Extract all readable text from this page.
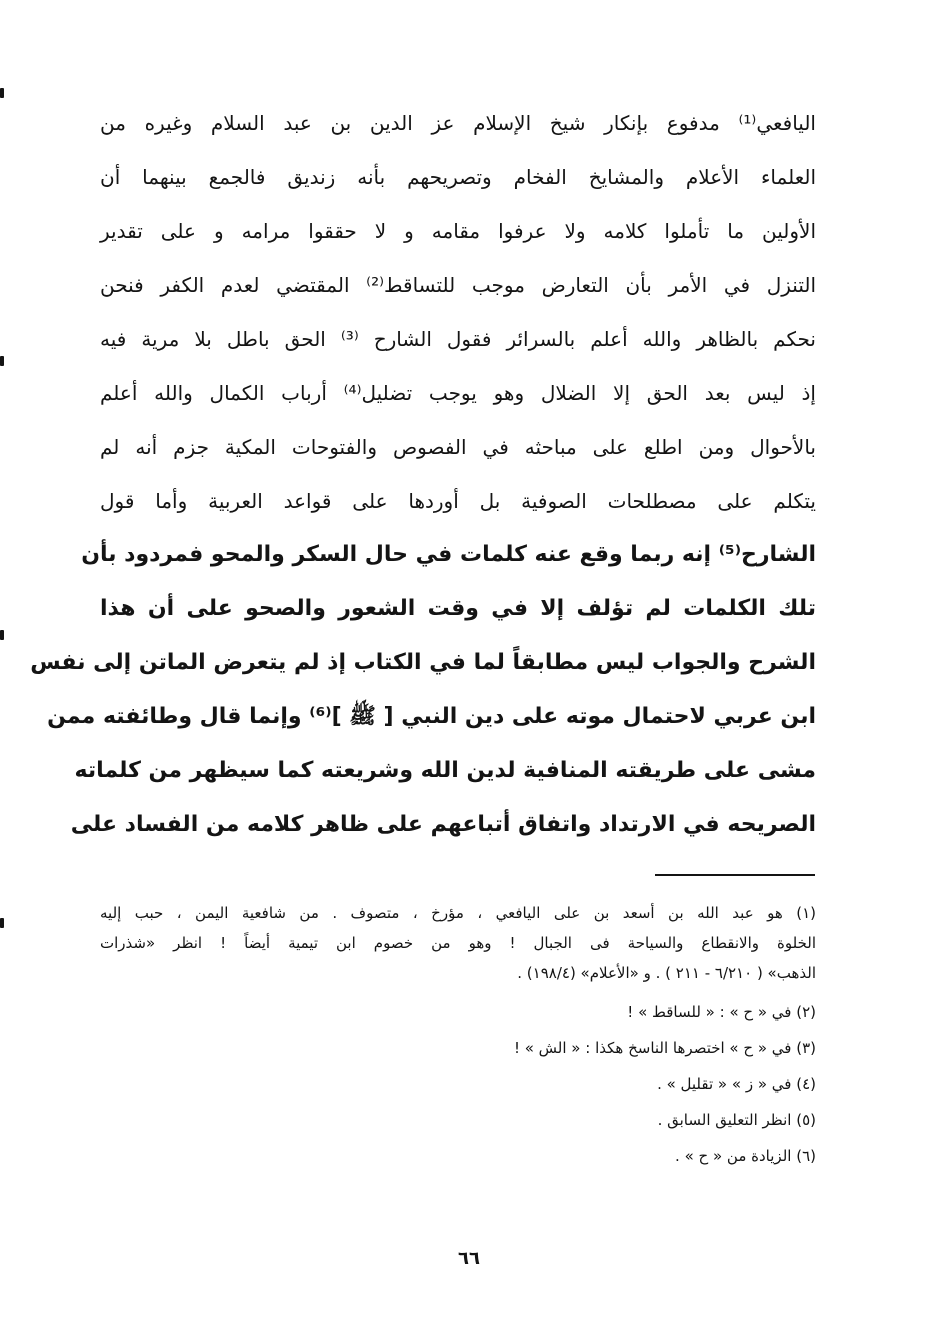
اليافعي⁽¹⁾ مدفوع بإنكار شيخ الإسلام عز الدين بن عبد السلام وغيره من
العلماء الأعلام والمشايخ الفخام وتصريحهم بأنه زنديق فالجمع بينهما أن
الأولين ما تأملوا كلامه ولا عرفوا مقامه و لا حققوا مرامه و على تقدير
التنزل في الأمر بأن التعارض موجب للتساقط⁽²⁾ المقتضي لعدم الكفر فنحن
نحكم بالظاهر والله أعلم بالسرائر فقول الشارح ⁽³⁾ الحق باطل بلا مرية فيه
إذ ليس بعد الحق إلا الضلال وهو يوجب تضليل⁽⁴⁾ أرباب الكمال والله أعلم
بالأحوال ومن اطلع على مباحثه في الفصوص والفتوحات المكية جزم أنه لم
يتكلم على مصطلحات الصوفية بل أوردها على قواعد العربية وأما قول
الشارح⁽⁵⁾ إنه ربما وقع عنه كلمات في حال السكر والمحو فمردود بأن
تلك الكلمات لم تؤلف إلا في وقت الشعور والصحو على أن هذا
الشرح والجواب ليس مطابقاً لما في الكتاب إذ لم يتعرض الماتن إلى نفس
ابن عربي لاحتمال موته على دين النبي [ ﷺ ]⁽⁶⁾ وإنما قال وطائفته ممن
مشى على طريقته المنافية لدين الله وشريعته كما سيظهر من كلماته
الصريحه في الارتداد واتفاق أتباعهم على ظاهر كلامه من الفساد على
(١) هو عبد الله بن أسعد بن على اليافعي ، مؤرخ ، متصوف . من شافعية اليمن ، حبب إليه
الخلوة والانقطاع والسياحة فى الجبال ! وهو من خصوم ابن تيمية أيضاً ! انظر «شذرات
الذهب» ( ٦/٢١٠ - ٢١١ ) . و «الأعلام» (١٩٨/٤) .
(٢) في « ح » : « للساقط » !
(٣) في « ح » اختصرها الناسخ هكذا : « الش » !
(٤) في « ز » « تقليل » .
(٥) انظر التعليق السابق .
(٦) الزيادة من « ح » .
٦٦
